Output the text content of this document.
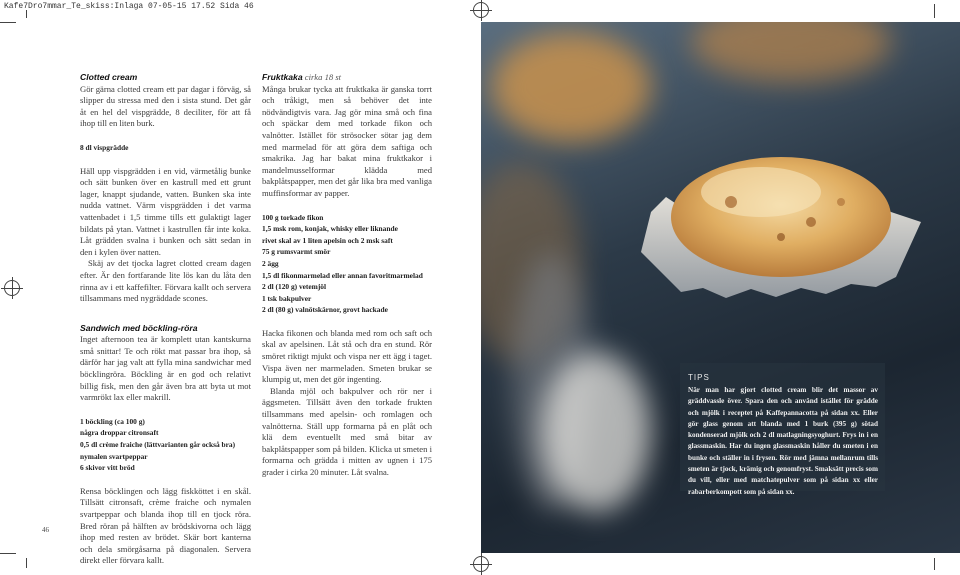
Kafe7Dro7mmar_Te_skiss:Inlaga 07-05-15 17.52 Sida 46

Clotted cream

Gör gärna clotted cream ett par dagar i förväg, så slipper du stressa med den i sista stund. Det går åt en hel del vispgrädde, 8 deciliter, för att få ihop till en liten burk.

8 dl vispgrädde

Häll upp vispgrädden i en vid, värmetålig bunke och sätt bunken över en kastrull med ett grunt lager, knappt sjudande, vatten. Bunken ska inte nudda vattnet. Värm vispgrädden i det varma vattenbadet i 1,5 timme tills ett gulaktigt lager bildats på ytan. Vattnet i kastrullen får inte koka. Låt grädden svalna i bunken och sätt sedan in den i kylen över natten.

Skäj av det tjocka lagret clotted cream dagen efter. Är den fortfarande lite lös kan du låta den rinna av i ett kaffefilter. Förvara kallt och servera tillsammans med nygräddade scones.

Sandwich med böckling-röra

Inget afternoon tea är komplett utan kantskurna små snittar! Te och rökt mat passar bra ihop, så därför har jag valt att fylla mina sandwichar med böcklingröra. Böckling är en god och relativt billig fisk, men den går även bra att byta ut mot varmrökt lax eller makrill.

1 böckling (ca 100 g)

några droppar citronsaft

0,5 dl crème fraiche (lättvarianten går också bra)

nymalen svartpeppar

6 skivor vitt bröd

Rensa böcklingen och lägg fiskköttet i en skål. Tillsätt citronsaft, crème fraiche och nymalen svartpeppar och blanda ihop till en tjock röra. Bred röran på hälften av brödskivorna och lägg ihop med resten av brödet. Skär bort kanterna och dela smörgåsarna på diagonalen. Servera direkt eller förvara kallt.

Fruktkaka cirka 18 st

Många brukar tycka att fruktkaka är ganska torrt och tråkigt, men så behöver det inte nödvändigtvis vara. Jag gör mina små och fina och späckar dem med torkade fikon och valnötter. Istället för strösocker sötar jag dem med marmelad för att göra dem saftiga och smakrika. Jag har bakat mina fruktkakor i mandelmusselformar klädda med bakplåtspapper, men det går lika bra med vanliga muffinsformar av papper.

100 g torkade fikon

1,5 msk rom, konjak, whisky eller liknande

rivet skal av 1 liten apelsin och 2 msk saft

75 g rumsvarmt smör

2 ägg

1,5 dl fikonmarmelad eller annan favoritmarmelad

2 dl (120 g) vetemjöl

1 tsk bakpulver

2 dl (80 g) valnötskärnor, grovt hackade

Hacka fikonen och blanda med rom och saft och skal av apelsinen. Låt stå och dra en stund. Rör smöret riktigt mjukt och vispa ner ett ägg i taget. Vispa även ner marmeladen. Smeten brukar se klumpig ut, men det gör ingenting.

Blanda mjöl och bakpulver och rör ner i äggsmeten. Tillsätt även den torkade frukten tillsammans med apelsin- och romlagen och valnötterna. Ställ upp formarna på en plåt och klä dem eventuellt med små bitar av bakplåtspapper som på bilden. Klicka ut smeten i formarna och grädda i mitten av ugnen i 175 grader i cirka 20 minuter. Låt svalna.

TIPS
När man har gjort clotted cream blir det massor av gräddvassle över. Spara den och använd istället för grädde och mjölk i receptet på Kaffepannacotta på sidan xx. Eller gör glass genom att blanda med 1 burk (395 g) sötad kondenserad mjölk och 2 dl matlagningsyoghurt. Frys in i en glassmaskin. Har du ingen glassmaskin håller du smeten i en bunke och ställer in i frysen. Rör med jämna mellanrum tills smeten är tjock, krämig och genomfryst. Smaksätt precis som du vill, eller med matchatepulver som på sidan xx eller rabarberkompott som på sidan xx.
46
